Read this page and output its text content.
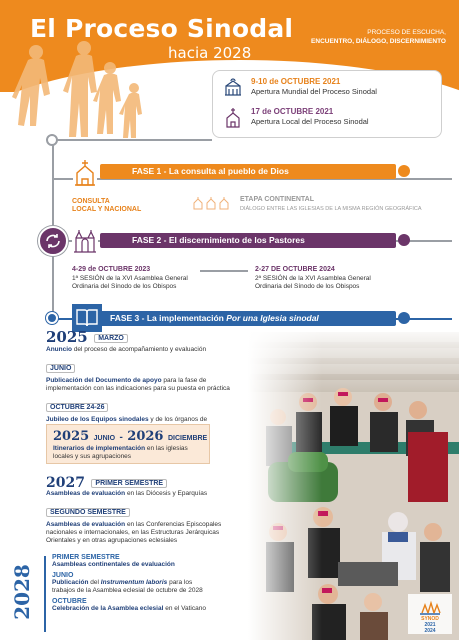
El Proceso Sinodal
hacia 2028
PROCESO DE ESCUCHA,
ENCUENTRO, DIÁLOGO, DISCERNIMIENTO
9-10 de OCTUBRE 2021
Apertura Mundial del Proceso Sinodal
17 de OCTUBRE 2021
Apertura Local del Proceso Sinodal
FASE 1 - La consulta al pueblo de Dios
CONSULTA
LOCAL Y NACIONAL
ETAPA CONTINENTAL
DIÁLOGO ENTRE LAS IGLESIAS DE LA MISMA REGIÓN GEOGRÁFICA
FASE 2 - El discernimiento de los Pastores
4-29 de OCTUBRE 2023
1ª SESIÓN de la XVI Asamblea General
Ordinaria del Sínodo de los Obispos
2-27 DE OCTUBRE 2024
2ª SESIÓN de la XVI Asamblea General
Ordinaria del Sínodo de los Obispos
FASE 3 - La implementación Por una Iglesia sinodal
SYNOD
2021
2024
2025 MARZO
Anuncio del proceso de acompañamiento y evaluación
JUNIO
Publicación del Documento de apoyo para la fase de
implementación con las indicaciones para su puesta en práctica
OCTUBRE 24-26
Jubileo de los Equipos sinodales y de los órganos de
2025 JUNIO - 2026 DICIEMBRE
Itinerarios de implementación en las iglesias
locales y sus agrupaciones
2027 PRIMER SEMESTRE
Asambleas de evaluación en las Diócesis y Eparquías
SEGUNDO SEMESTRE
Asambleas de evaluación en las Conferencias Episcopales
nacionales e internacionales, en las Estructuras Jerárquicas
Orientales y en otras agrupaciones eclesiales
2028
PRIMER SEMESTRE
Asambleas continentales de evaluación
JUNIO
Publicación del Instrumentum laboris para los
trabajos de la Asamblea eclesial de octubre de 2028
OCTUBRE
Celebración de la Asamblea eclesial en el Vaticano
